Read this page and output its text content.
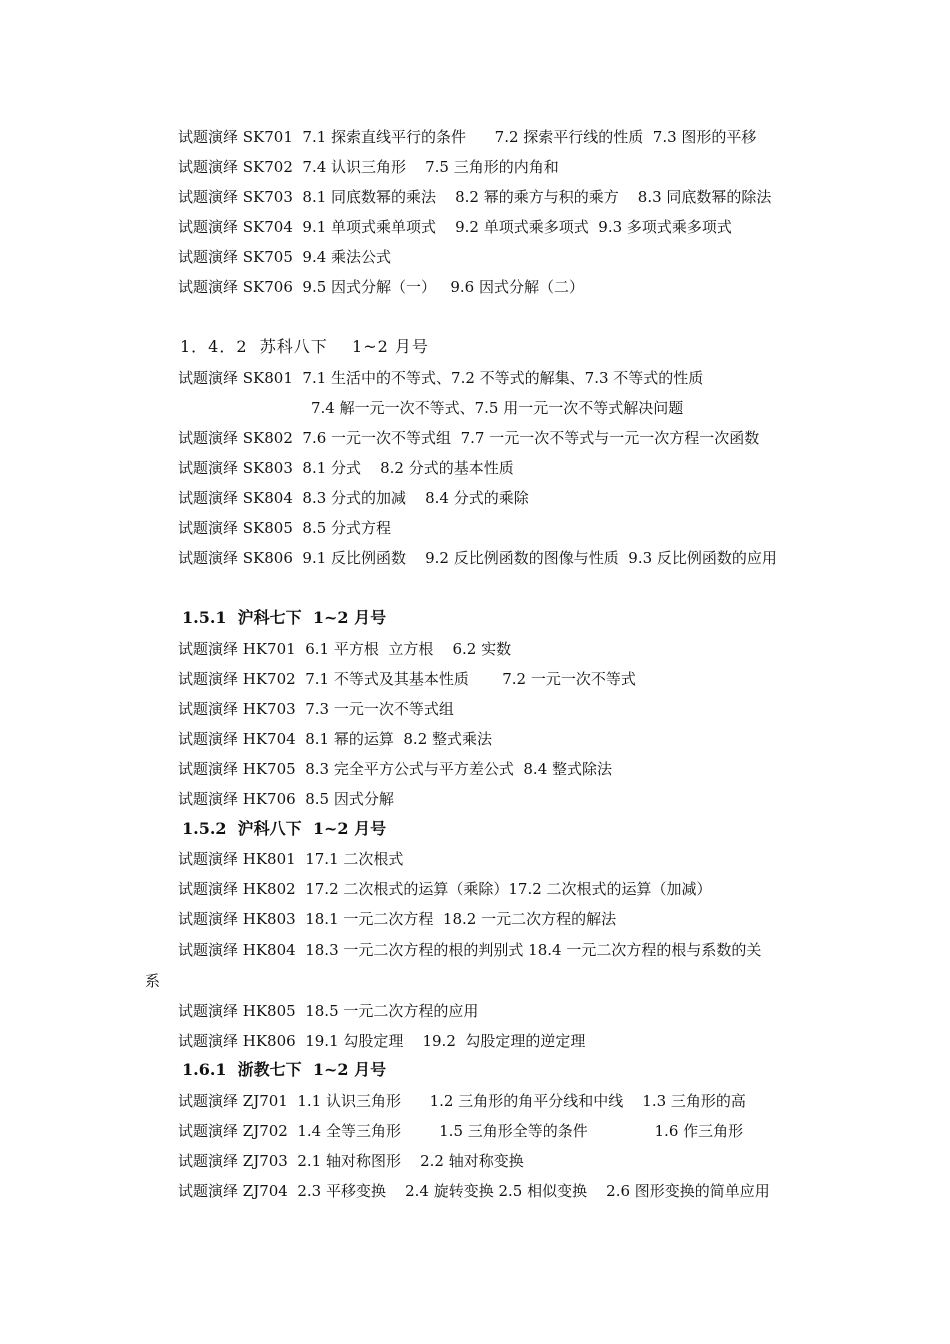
试题演绎 SK701  7.1 探索直线平行的条件      7.2 探索平行线的性质  7.3 图形的平移
试题演绎 SK702  7.4 认识三角形    7.5 三角形的内角和
试题演绎 SK703  8.1 同底数幂的乘法    8.2 幂的乘方与积的乘方    8.3 同底数幂的除法
试题演绎 SK704  9.1 单项式乘单项式    9.2 单项式乘多项式  9.3 多项式乘多项式
试题演绎 SK705  9.4 乘法公式
试题演绎 SK706  9.5 因式分解（一）   9.6 因式分解（二）
1．4．2  苏科八下    1~2 月号
试题演绎 SK801  7.1 生活中的不等式、7.2 不等式的解集、7.3 不等式的性质
7.4 解一元一次不等式、7.5 用一元一次不等式解决问题
试题演绎 SK802  7.6 一元一次不等式组  7.7 一元一次不等式与一元一次方程一次函数
试题演绎 SK803  8.1 分式    8.2 分式的基本性质
试题演绎 SK804  8.3 分式的加减    8.4 分式的乘除
试题演绎 SK805  8.5 分式方程
试题演绎 SK806  9.1 反比例函数    9.2 反比例函数的图像与性质  9.3 反比例函数的应用
1.5.1  沪科七下  1~2 月号
试题演绎 HK701  6.1 平方根  立方根    6.2 实数
试题演绎 HK702  7.1 不等式及其基本性质       7.2 一元一次不等式
试题演绎 HK703  7.3 一元一次不等式组
试题演绎 HK704  8.1 幂的运算  8.2 整式乘法
试题演绎 HK705  8.3 完全平方公式与平方差公式  8.4 整式除法
试题演绎 HK706  8.5 因式分解
1.5.2  沪科八下  1~2 月号
试题演绎 HK801  17.1 二次根式
试题演绎 HK802  17.2 二次根式的运算（乘除）17.2 二次根式的运算（加减）
试题演绎 HK803  18.1 一元二次方程  18.2 一元二次方程的解法
试题演绎 HK804  18.3 一元二次方程的根的判别式 18.4 一元二次方程的根与系数的关
系
试题演绎 HK805  18.5 一元二次方程的应用
试题演绎 HK806  19.1 勾股定理    19.2  勾股定理的逆定理
1.6.1  浙教七下  1~2 月号
试题演绎 ZJ701  1.1 认识三角形      1.2 三角形的角平分线和中线    1.3 三角形的高
试题演绎 ZJ702  1.4 全等三角形        1.5 三角形全等的条件              1.6 作三角形
试题演绎 ZJ703  2.1 轴对称图形    2.2 轴对称变换
试题演绎 ZJ704  2.3 平移变换    2.4 旋转变换 2.5 相似变换    2.6 图形变换的简单应用
